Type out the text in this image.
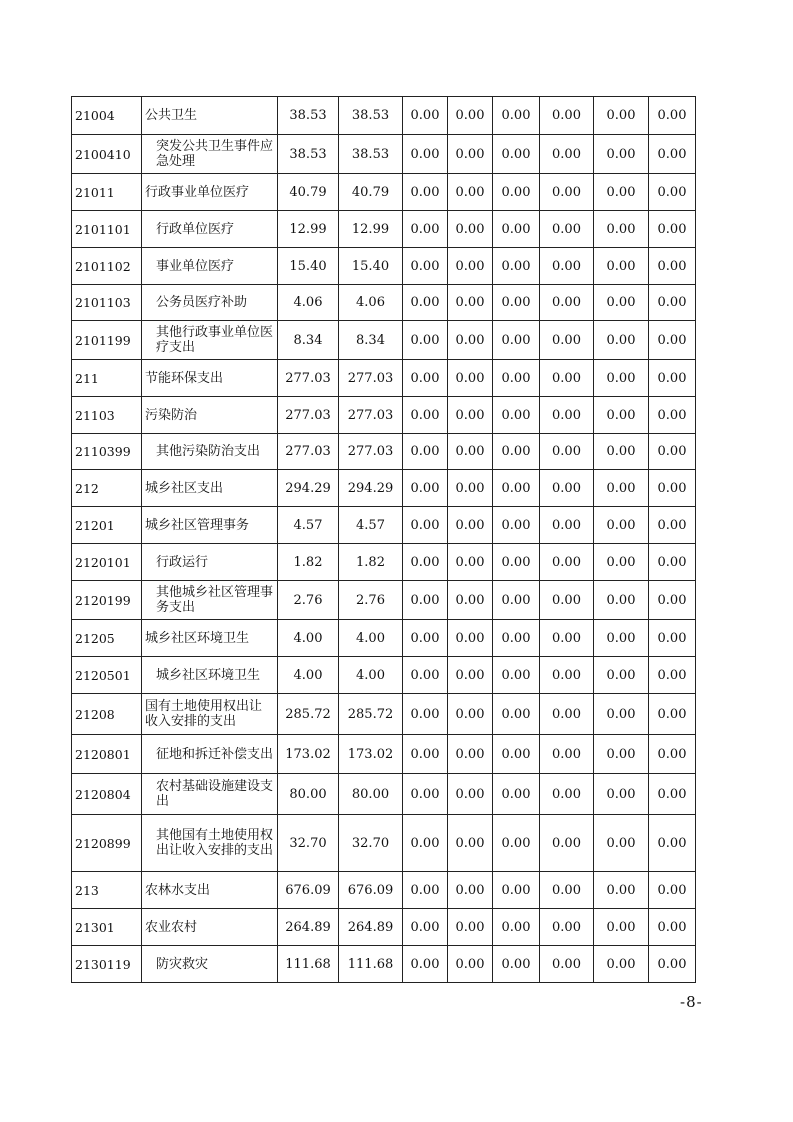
21004	公共卫生	38.53	38.53	0.00	0.00	0.00	0.00	0.00	0.00
2100410	突发公共卫生事件应急处理	38.53	38.53	0.00	0.00	0.00	0.00	0.00	0.00
21011	行政事业单位医疗	40.79	40.79	0.00	0.00	0.00	0.00	0.00	0.00
2101101	行政单位医疗	12.99	12.99	0.00	0.00	0.00	0.00	0.00	0.00
2101102	事业单位医疗	15.40	15.40	0.00	0.00	0.00	0.00	0.00	0.00
2101103	公务员医疗补助	4.06	4.06	0.00	0.00	0.00	0.00	0.00	0.00
2101199	其他行政事业单位医疗支出	8.34	8.34	0.00	0.00	0.00	0.00	0.00	0.00
211	节能环保支出	277.03	277.03	0.00	0.00	0.00	0.00	0.00	0.00
21103	污染防治	277.03	277.03	0.00	0.00	0.00	0.00	0.00	0.00
2110399	其他污染防治支出	277.03	277.03	0.00	0.00	0.00	0.00	0.00	0.00
212	城乡社区支出	294.29	294.29	0.00	0.00	0.00	0.00	0.00	0.00
21201	城乡社区管理事务	4.57	4.57	0.00	0.00	0.00	0.00	0.00	0.00
2120101	行政运行	1.82	1.82	0.00	0.00	0.00	0.00	0.00	0.00
2120199	其他城乡社区管理事务支出	2.76	2.76	0.00	0.00	0.00	0.00	0.00	0.00
21205	城乡社区环境卫生	4.00	4.00	0.00	0.00	0.00	0.00	0.00	0.00
2120501	城乡社区环境卫生	4.00	4.00	0.00	0.00	0.00	0.00	0.00	0.00
21208	国有土地使用权出让收入安排的支出	285.72	285.72	0.00	0.00	0.00	0.00	0.00	0.00
2120801	征地和拆迁补偿支出	173.02	173.02	0.00	0.00	0.00	0.00	0.00	0.00
2120804	农村基础设施建设支出	80.00	80.00	0.00	0.00	0.00	0.00	0.00	0.00
2120899	其他国有土地使用权出让收入安排的支出	32.70	32.70	0.00	0.00	0.00	0.00	0.00	0.00
213	农林水支出	676.09	676.09	0.00	0.00	0.00	0.00	0.00	0.00
21301	农业农村	264.89	264.89	0.00	0.00	0.00	0.00	0.00	0.00
2130119	防灾救灾	111.68	111.68	0.00	0.00	0.00	0.00	0.00	0.00
-8-
